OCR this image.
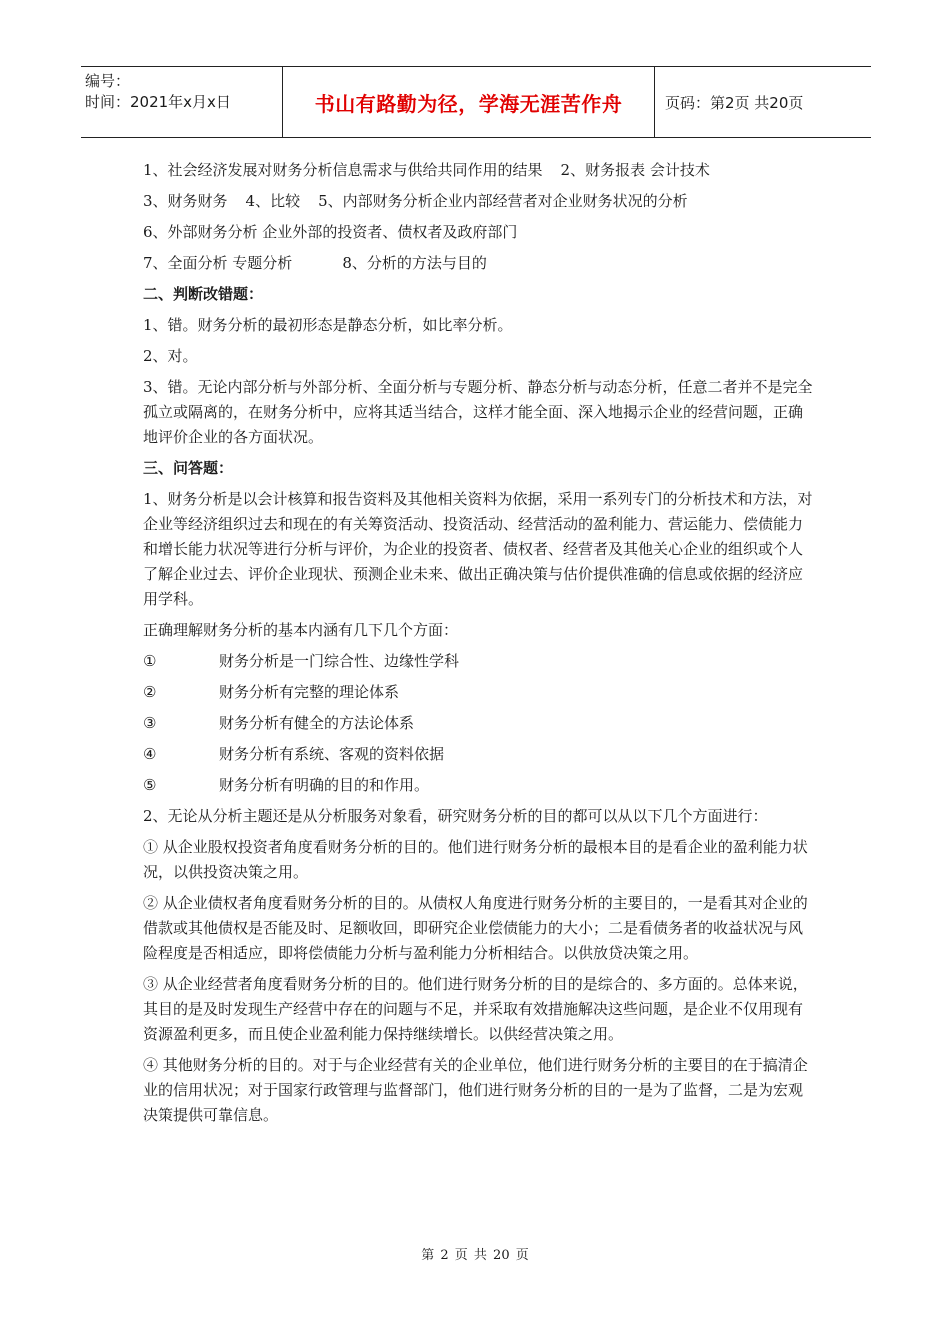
编号：
时间：2021年x月x日	书山有路勤为径，学海无涯苦作舟	页码：第2页 共20页

1、社会经济发展对财务分析信息需求与供给共同作用的结果 2、财务报表 会计技术

3、财务财务 4、比较 5、内部财务分析企业内部经营者对企业财务状况的分析

6、外部财务分析 企业外部的投资者、债权者及政府部门

7、全面分析 专题分析	8、分析的方法与目的

二、判断改错题：

1、错。财务分析的最初形态是静态分析，如比率分析。

2、对。

3、错。无论内部分析与外部分析、全面分析与专题分析、静态分析与动态分析，任意二者并不是完全孤立或隔离的，在财务分析中，应将其适当结合，这样才能全面、深入地揭示企业的经营问题，正确地评价企业的各方面状况。

三、问答题：

1、财务分析是以会计核算和报告资料及其他相关资料为依据，采用一系列专门的分析技术和方法，对企业等经济组织过去和现在的有关筹资活动、投资活动、经营活动的盈利能力、营运能力、偿债能力和增长能力状况等进行分析与评价，为企业的投资者、债权者、经营者及其他关心企业的组织或个人了解企业过去、评价企业现状、预测企业未来、做出正确决策与估价提供准确的信息或依据的经济应用学科。

正确理解财务分析的基本内涵有几下几个方面：

①	财务分析是一门综合性、边缘性学科

②	财务分析有完整的理论体系

③	财务分析有健全的方法论体系

④	财务分析有系统、客观的资料依据

⑤	财务分析有明确的目的和作用。

2、无论从分析主题还是从分析服务对象看，研究财务分析的目的都可以从以下几个方面进行：

① 从企业股权投资者角度看财务分析的目的。他们进行财务分析的最根本目的是看企业的盈利能力状况，以供投资决策之用。

② 从企业债权者角度看财务分析的目的。从债权人角度进行财务分析的主要目的，一是看其对企业的借款或其他债权是否能及时、足额收回，即研究企业偿债能力的大小；二是看债务者的收益状况与风险程度是否相适应，即将偿债能力分析与盈利能力分析相结合。以供放贷决策之用。

③ 从企业经营者角度看财务分析的目的。他们进行财务分析的目的是综合的、多方面的。总体来说，其目的是及时发现生产经营中存在的问题与不足，并采取有效措施解决这些问题，是企业不仅用现有资源盈利更多，而且使企业盈利能力保持继续增长。以供经营决策之用。

④ 其他财务分析的目的。对于与企业经营有关的企业单位，他们进行财务分析的主要目的在于搞清企业的信用状况；对于国家行政管理与监督部门，他们进行财务分析的目的一是为了监督，二是为宏观决策提供可靠信息。

第 2 页 共 20 页
